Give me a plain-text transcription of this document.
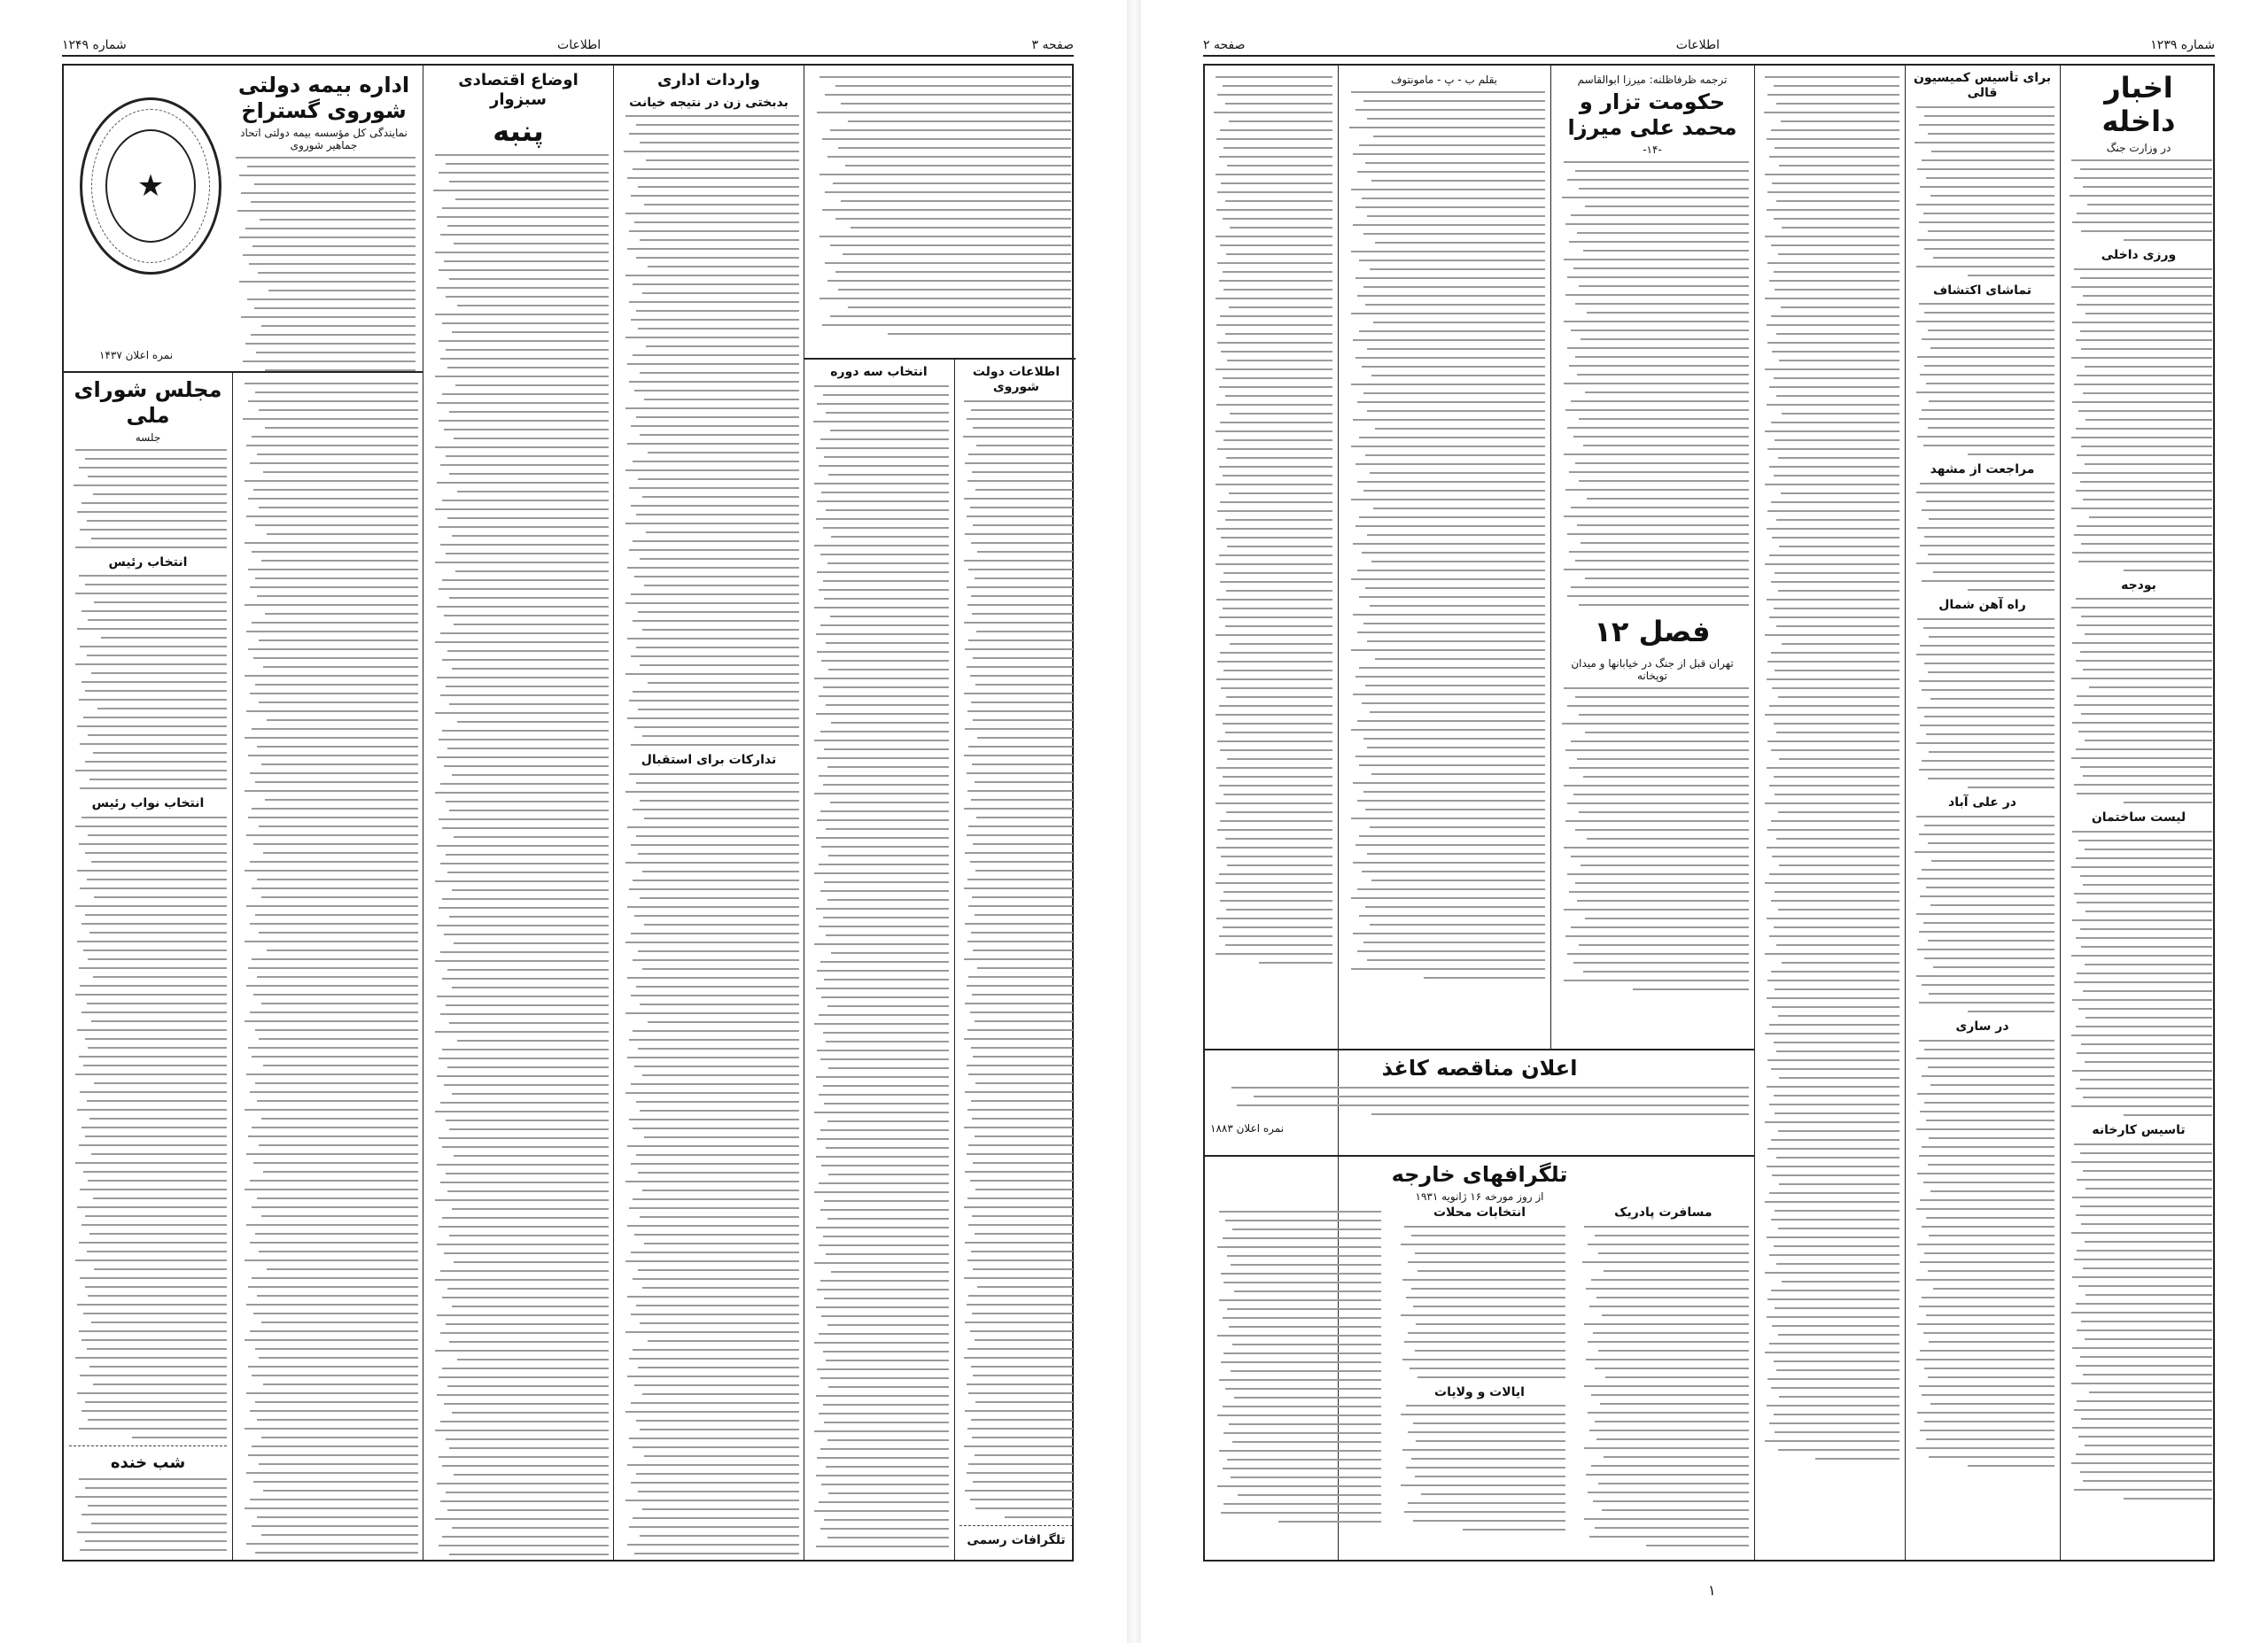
شماره ۱۲۴۹	اطلاعات	صفحه ۳
★
اداره بیمه دولتی شوروی گستراخ
نمایندگی کل مؤسسه بیمه دولتی اتحاد جماهیر شوروی
نمره اعلان ۱۴۳۷
مجلس شورای ملی
جلسه
انتخاب رئیس
انتخاب نواب رئیس
شب خنده
اوضاع اقتصادی سبزوار
پنبه
واردات اداری
بدبختی زن در نتیجه خیانت
تدارکات برای استقبال
انتخاب سه دوره	اطلاعات دولت شوروی
تلگرافات رسمی
صفحه ۲	اطلاعات	شماره ۱۲۳۹
بقلم ب - پ - مامونتوف	ترجمه ظرفاظلنه: میرزا ابوالقاسم
حکومت تزار و محمد علی میرزا
-۱۴-
فصل ۱۲
تهران قبل از جنگ در خیابانها و میدان توپخانه
اعلان مناقصه کاغذ
نمره اعلان ۱۸۸۳
تلگرافهای خارجه
از روز مورخه ۱۶ ژانویه ۱۹۳۱
مسافرت پادریک
انتخابات محلات
ایالات و ولایات
برای تأسیس کمیسیون قالی
تماشای اکتشاف
مراجعت از مشهد
راه آهن شمال
در علی آباد
در ساری
اخبار داخله
در وزارت جنگ
ورزی داخلی
بودجه
لیست ساختمان
تاسیس کارخانه
۱
